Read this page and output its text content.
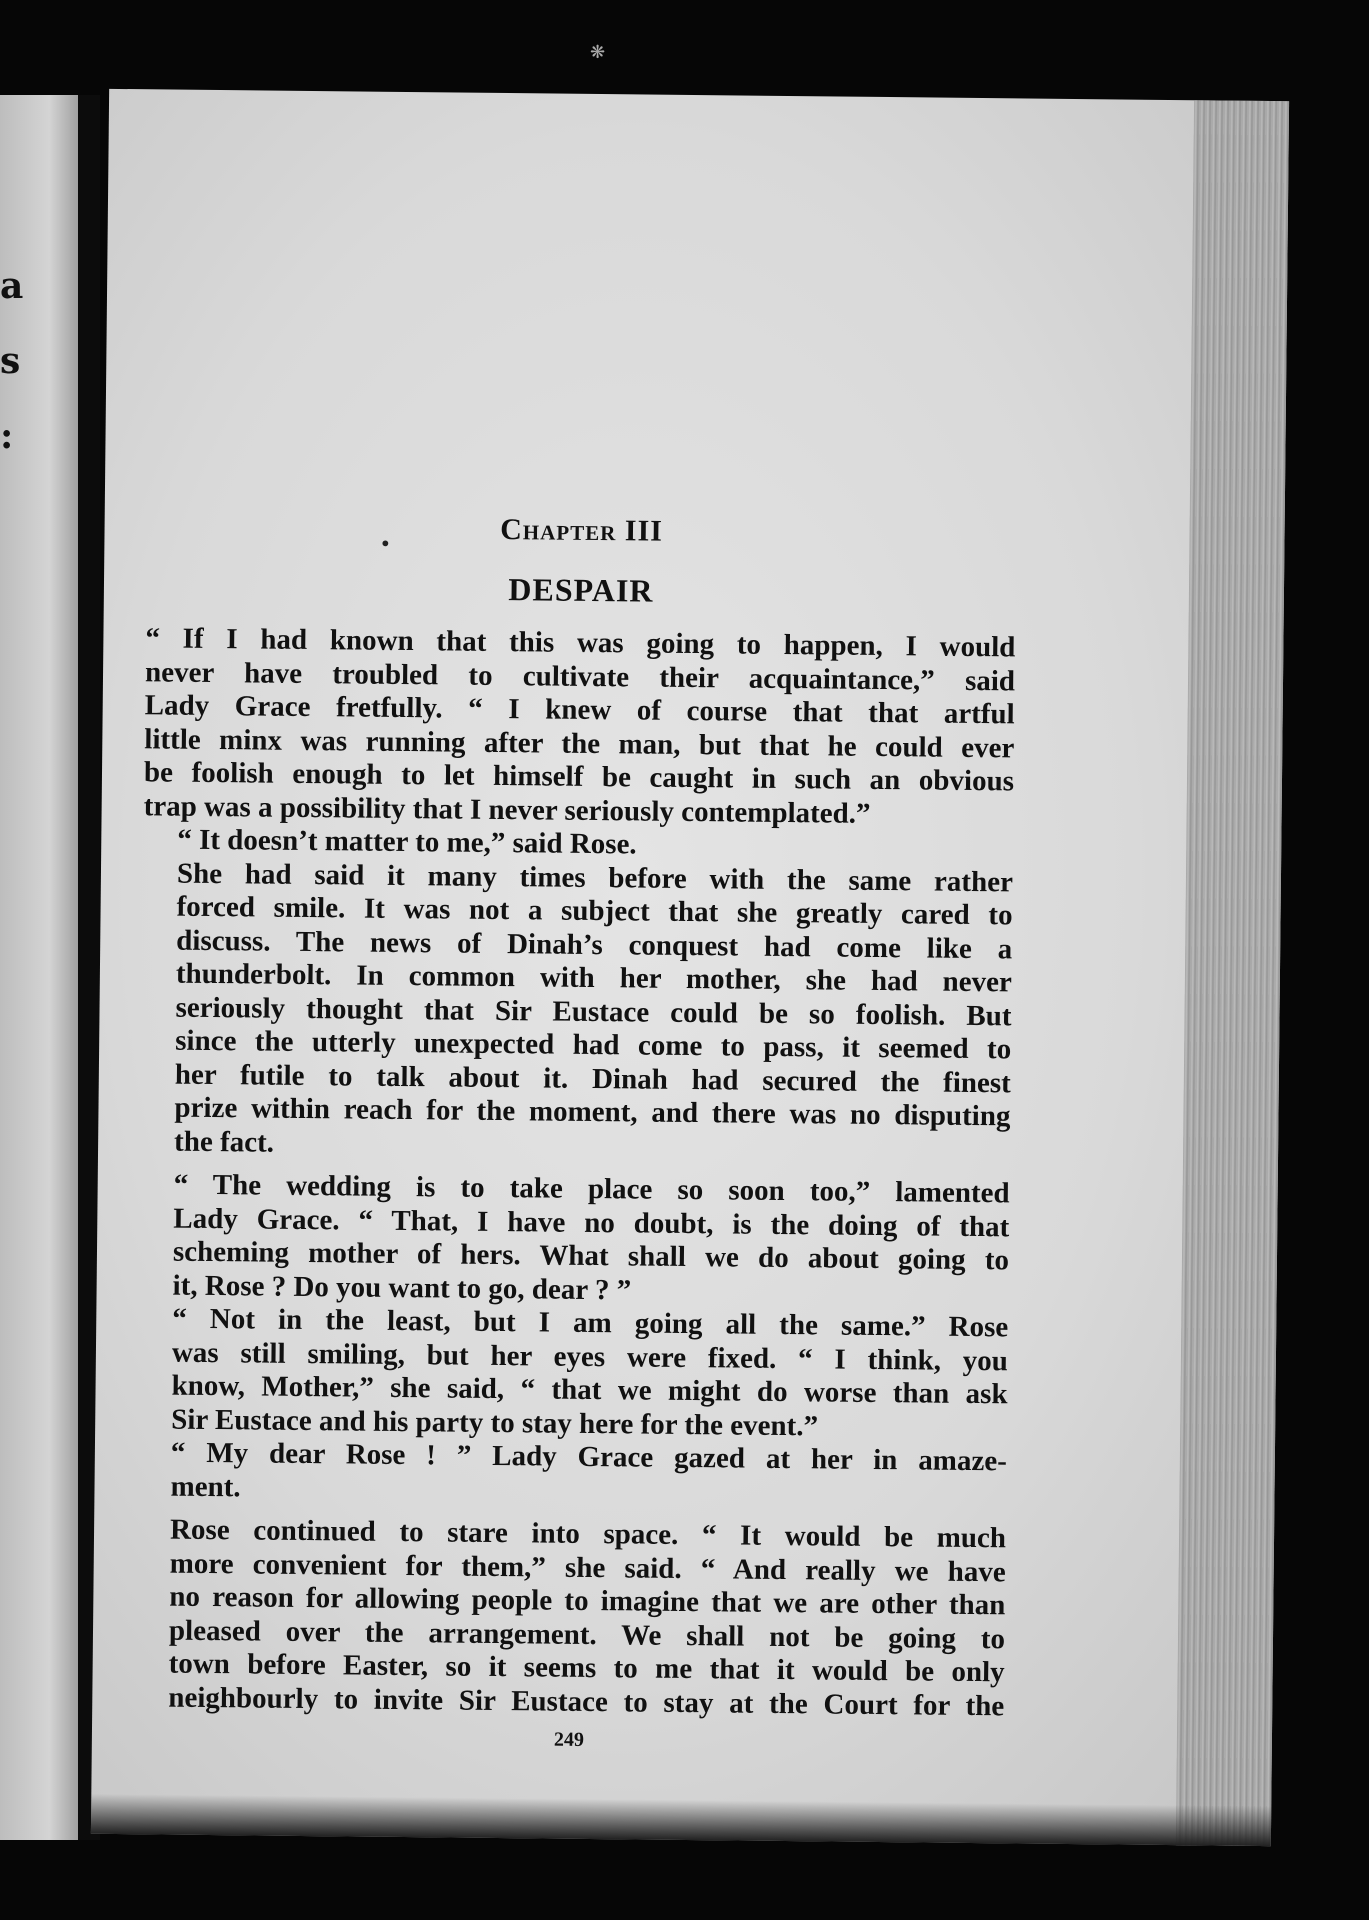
❋
a
s
:
•	Chapter III
DESPAIR

“ If I had known that this was going to happen, I would
never have troubled to cultivate their acquaintance,” said
Lady Grace fretfully. “ I knew of course that that artful
little minx was running after the man, but that he could ever
be foolish enough to let himself be caught in such an obvious
trap was a possibility that I never seriously contemplated.”

“ It doesn’t matter to me,” said Rose.

She had said it many times before with the same rather
forced smile. It was not a subject that she greatly cared to
discuss. The news of Dinah’s conquest had come like a
thunderbolt. In common with her mother, she had never
seriously thought that Sir Eustace could be so foolish. But
since the utterly unexpected had come to pass, it seemed to
her futile to talk about it. Dinah had secured the finest
prize within reach for the moment, and there was no disputing
the fact.

“ The wedding is to take place so soon too,” lamented
Lady Grace. “ That, I have no doubt, is the doing of that
scheming mother of hers. What shall we do about going to
it, Rose ? Do you want to go, dear ? ”

“ Not in the least, but I am going all the same.” Rose
was still smiling, but her eyes were fixed. “ I think, you
know, Mother,” she said, “ that we might do worse than ask
Sir Eustace and his party to stay here for the event.”

“ My dear Rose ! ” Lady Grace gazed at her in amaze-
ment.

Rose continued to stare into space. “ It would be much
more convenient for them,” she said. “ And really we have
no reason for allowing people to imagine that we are other than
pleased over the arrangement. We shall not be going to
town before Easter, so it seems to me that it would be only
neighbourly to invite Sir Eustace to stay at the Court for the

249
